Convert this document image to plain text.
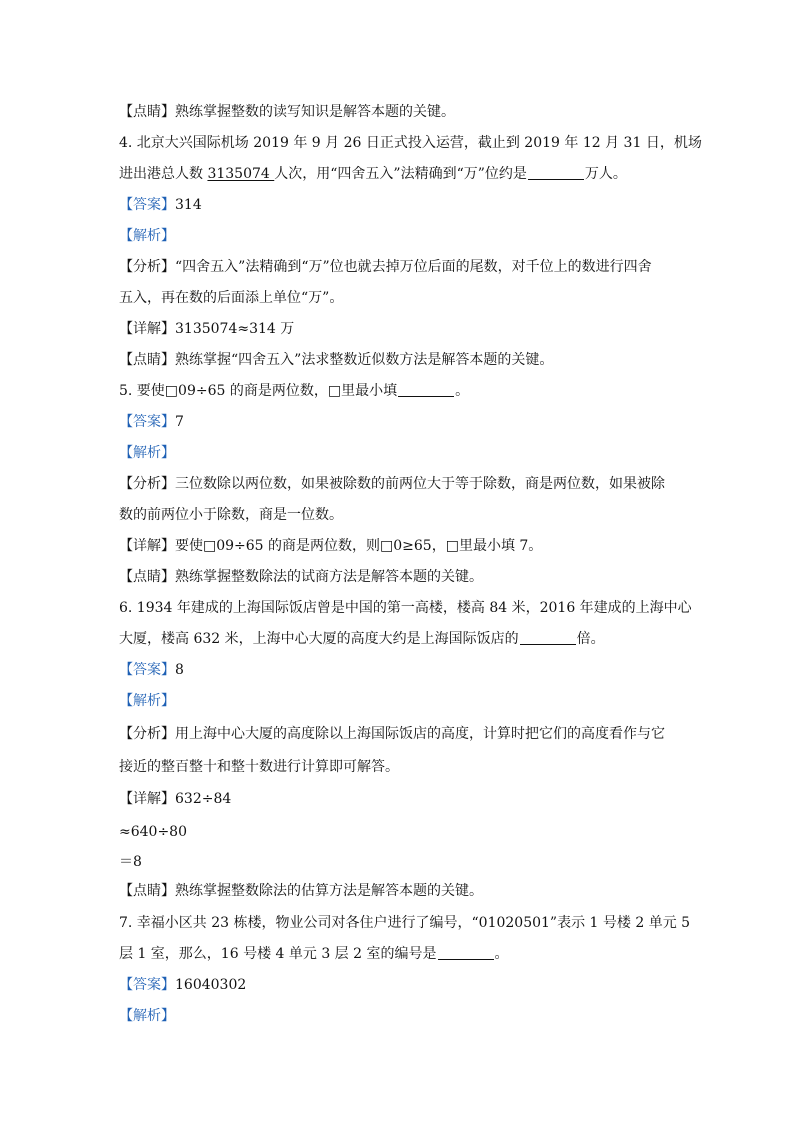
【点睛】熟练掌握整数的读写知识是解答本题的关键。
4. 北京大兴国际机场 2019 年 9 月 26 日正式投入运营，截止到 2019 年 12 月 31 日，机场
进出港总人数 3135074 人次，用“四舍五入”法精确到“万”位约是	万人。
【答案】314
【解析】
【分析】“四舍五入”法精确到“万”位也就去掉万位后面的尾数，对千位上的数进行四舍
五入，再在数的后面添上单位“万”。
【详解】3135074≈314 万
【点睛】熟练掌握“四舍五入”法求整数近似数方法是解答本题的关键。
5. 要使□09÷65 的商是两位数，□里最小填	。
【答案】7
【解析】
【分析】三位数除以两位数，如果被除数的前两位大于等于除数，商是两位数，如果被除
数的前两位小于除数，商是一位数。
【详解】要使□09÷65 的商是两位数，则□0≥65，□里最小填 7。
【点睛】熟练掌握整数除法的试商方法是解答本题的关键。
6. 1934 年建成的上海国际饭店曾是中国的第一高楼，楼高 84 米，2016 年建成的上海中心
大厦，楼高 632 米，上海中心大厦的高度大约是上海国际饭店的	倍。
【答案】8
【解析】
【分析】用上海中心大厦的高度除以上海国际饭店的高度，计算时把它们的高度看作与它
接近的整百整十和整十数进行计算即可解答。
【详解】632÷84
≈640÷80
＝8
【点睛】熟练掌握整数除法的估算方法是解答本题的关键。
7. 幸福小区共 23 栋楼，物业公司对各住户进行了编号，“01020501”表示 1 号楼 2 单元 5
层 1 室，那么，16 号楼 4 单元 3 层 2 室的编号是	。
【答案】16040302
【解析】
